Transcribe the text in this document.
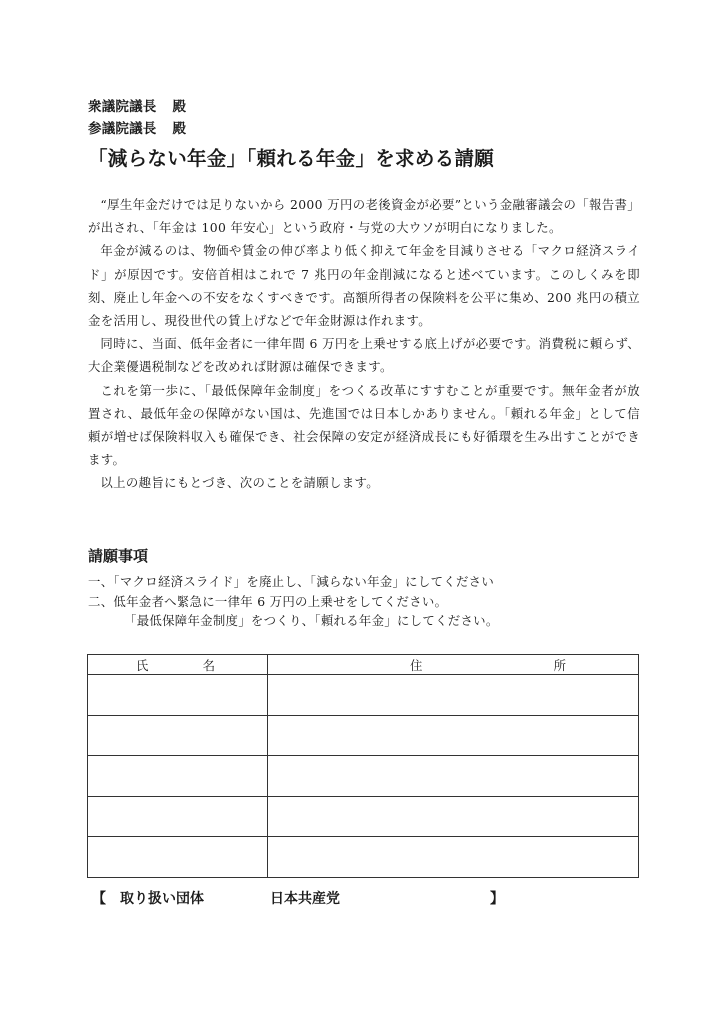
衆議院議長 殿
参議院議長 殿
「減らない年金」「頼れる年金」を求める請願

“厚生年金だけでは足りないから 2000 万円の老後資金が必要”という金融審議会の「報告書」が出され、「年金は 100 年安心」という政府・与党の大ウソが明白になりました。

年金が減るのは、物価や賃金の伸び率より低く抑えて年金を目減りさせる「マクロ経済スライド」が原因です。安倍首相はこれで 7 兆円の年金削減になると述べています。このしくみを即刻、廃止し年金への不安をなくすべきです。高額所得者の保険料を公平に集め、200 兆円の積立金を活用し、現役世代の賃上げなどで年金財源は作れます。

同時に、当面、低年金者に一律年間 6 万円を上乗せする底上げが必要です。消費税に頼らず、大企業優遇税制などを改めれば財源は確保できます。

これを第一歩に、「最低保障年金制度」をつくる改革にすすむことが重要です。無年金者が放置され、最低年金の保障がない国は、先進国では日本しかありません。「頼れる年金」として信頼が増せば保険料収入も確保でき、社会保障の安定が経済成長にも好循環を生み出すことができます。

以上の趣旨にもとづき、次のことを請願します。

請願事項
一、「マクロ経済スライド」を廃止し、「減らない年金」にしてください
二、低年金者へ緊急に一律年 6 万円の上乗せをしてください。
「最低保障年金制度」をつくり、「頼れる年金」にしてください。
氏 名	住 所

【 取り扱い団体	日本共産党	】
